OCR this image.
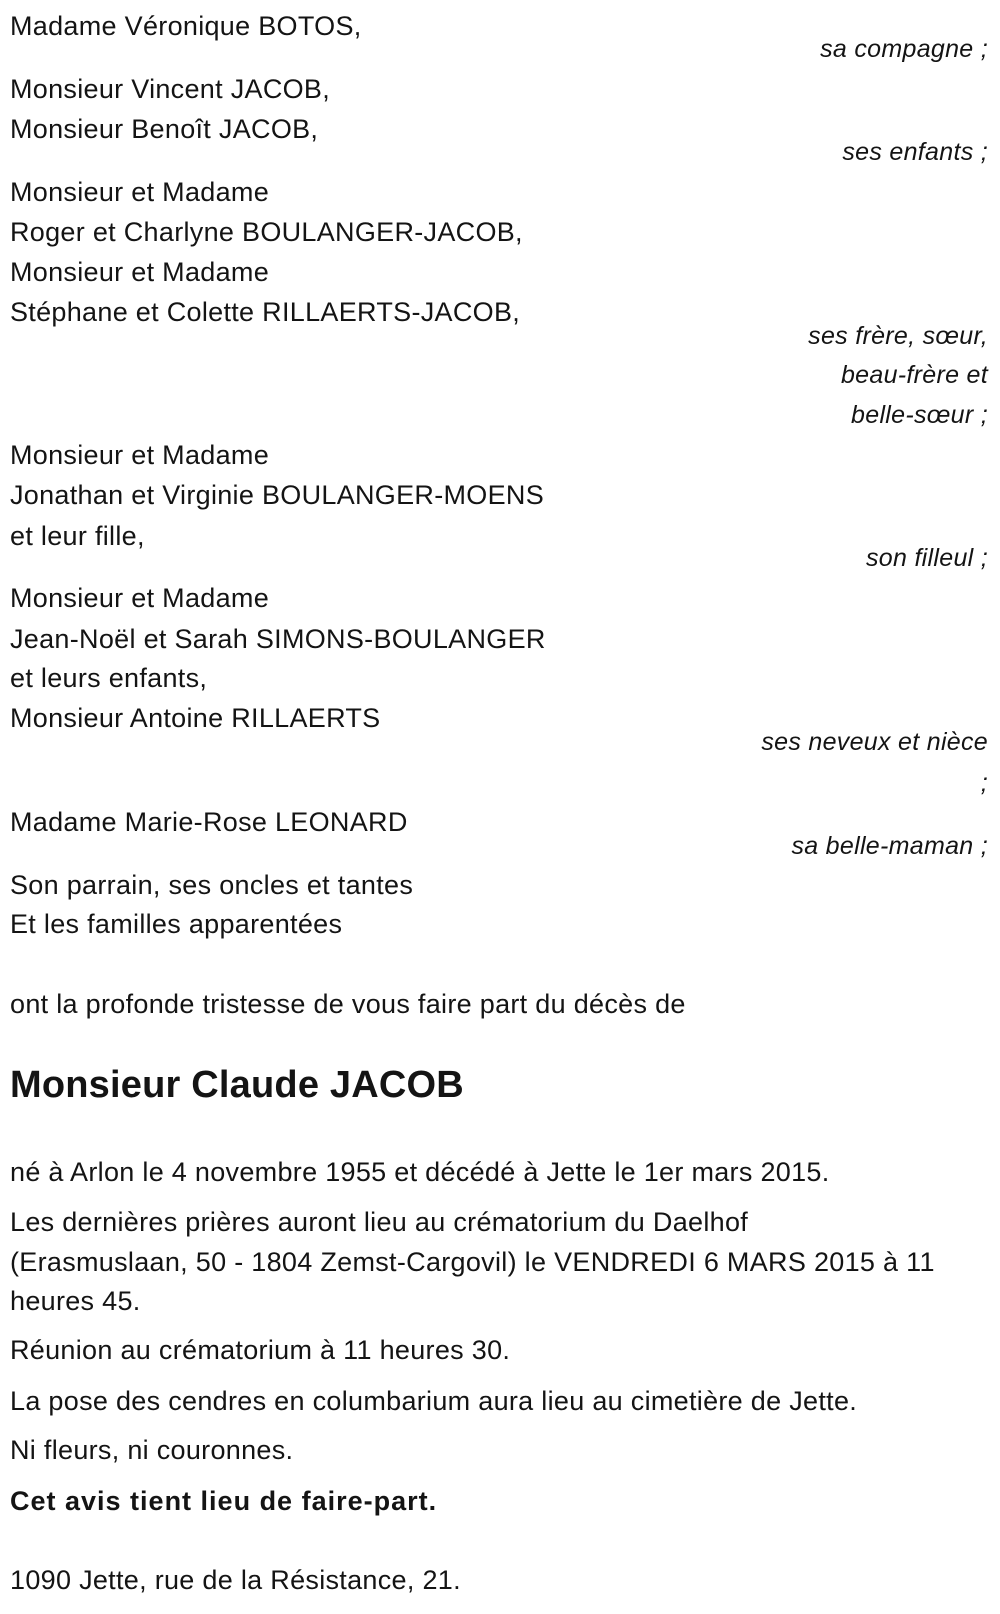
Madame Véronique BOTOS,
sa compagne ;
Monsieur Vincent JACOB,
Monsieur Benoît JACOB,
ses enfants ;
Monsieur et Madame
Roger et Charlyne BOULANGER-JACOB,
Monsieur et Madame
Stéphane et Colette RILLAERTS-JACOB,
ses frère, sœur,
beau-frère et
belle-sœur ;
Monsieur et Madame
Jonathan et Virginie BOULANGER-MOENS
et leur fille,
son filleul ;
Monsieur et Madame
Jean-Noël et Sarah SIMONS-BOULANGER
et leurs enfants,
Monsieur Antoine RILLAERTS
ses neveux et nièce
;
Madame Marie-Rose LEONARD
sa belle-maman ;
Son parrain, ses oncles et tantes
Et les familles apparentées
ont la profonde tristesse de vous faire part du décès de
Monsieur Claude JACOB
né à Arlon le 4 novembre 1955 et décédé à Jette le 1er mars 2015.
Les dernières prières auront lieu au crématorium du Daelhof
(Erasmuslaan, 50 - 1804 Zemst-Cargovil) le VENDREDI 6 MARS 2015 à 11
heures 45.
Réunion au crématorium à 11 heures 30.
La pose des cendres en columbarium aura lieu au cimetière de Jette.
Ni fleurs, ni couronnes.
Cet avis tient lieu de faire-part.
1090 Jette, rue de la Résistance, 21.
